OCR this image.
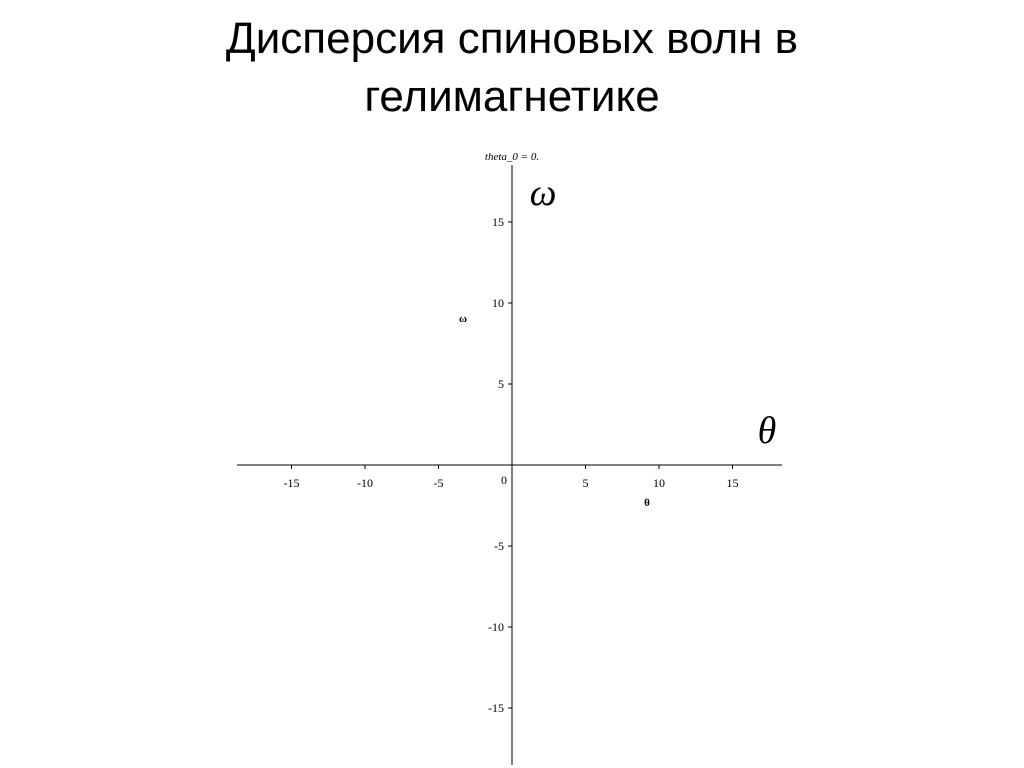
Дисперсия спиновых волн в
гелимагнетике
theta_0 = 0.
-15	-10	-5	0	5	10	15
-15
-10
-5
5
10
15
θ
ω
ω
θ
